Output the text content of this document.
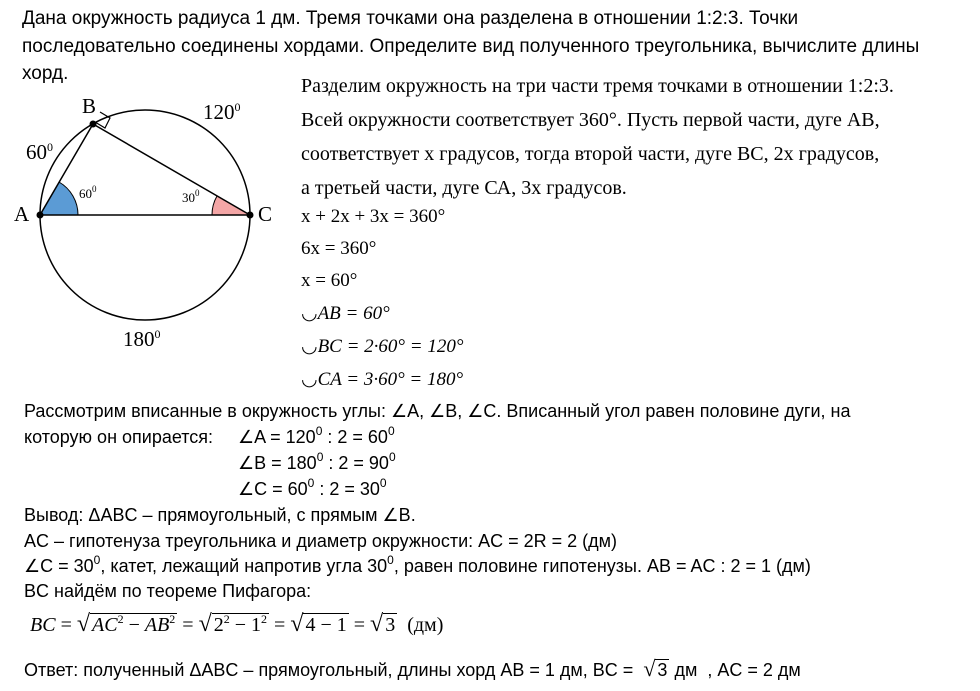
Дана окружность радиуса 1 дм. Тремя точками она разделена в отношении 1:2:3. Точки
последовательно соединены хордами. Определите вид полученного треугольника, вычислите длины
хорд.
A
B
C
$60^0$
$120^0$
$180^0$
$60^0$
$30^0$
Разделим окружность на три части тремя точками в отношении 1:2:3.
Всей окружности соответствует 360°. Пусть первой части, дуге АВ,
соответствует х градусов, тогда второй части, дуге ВС, 2х градусов,
а третьей части, дуге СА, 3х градусов.
x + 2x + 3x = 360°
6x = 360°
x = 60°
◡AB = 60°
◡BC = 2·60° = 120°
◡CA = 3·60° = 180°
Рассмотрим вписанные в окружность углы: ∠A, ∠B, ∠C. Вписанный угол равен половине дуги, на
которую он опирается: ∠A = $120^0$ : $2 = 60^0$
∠B = $180^0$ : $2 = 90^0$
∠C = $60^0$ : $2 = 30^0$
Вывод: ΔABC – прямоугольный, с прямым ∠B.
AC – гипотенуза треугольника и диаметр окружности: AC = 2R = 2 (дм)
∠C = $30^0$, катет, лежащий напротив угла $30^0$, равен половине гипотенузы. AB = AC : 2 = 1 (дм)
BC найдём по теореме Пифагора:
BC = √ $AC^2 - AB^2$ = √ $2^2 - 1^2$ = √ 4 − 1 = √ 3 (дм)
Ответ: полученный ΔABC – прямоугольный, длины хорд AB = 1 дм, BC = √ 3 дм , AC = 2 дм
